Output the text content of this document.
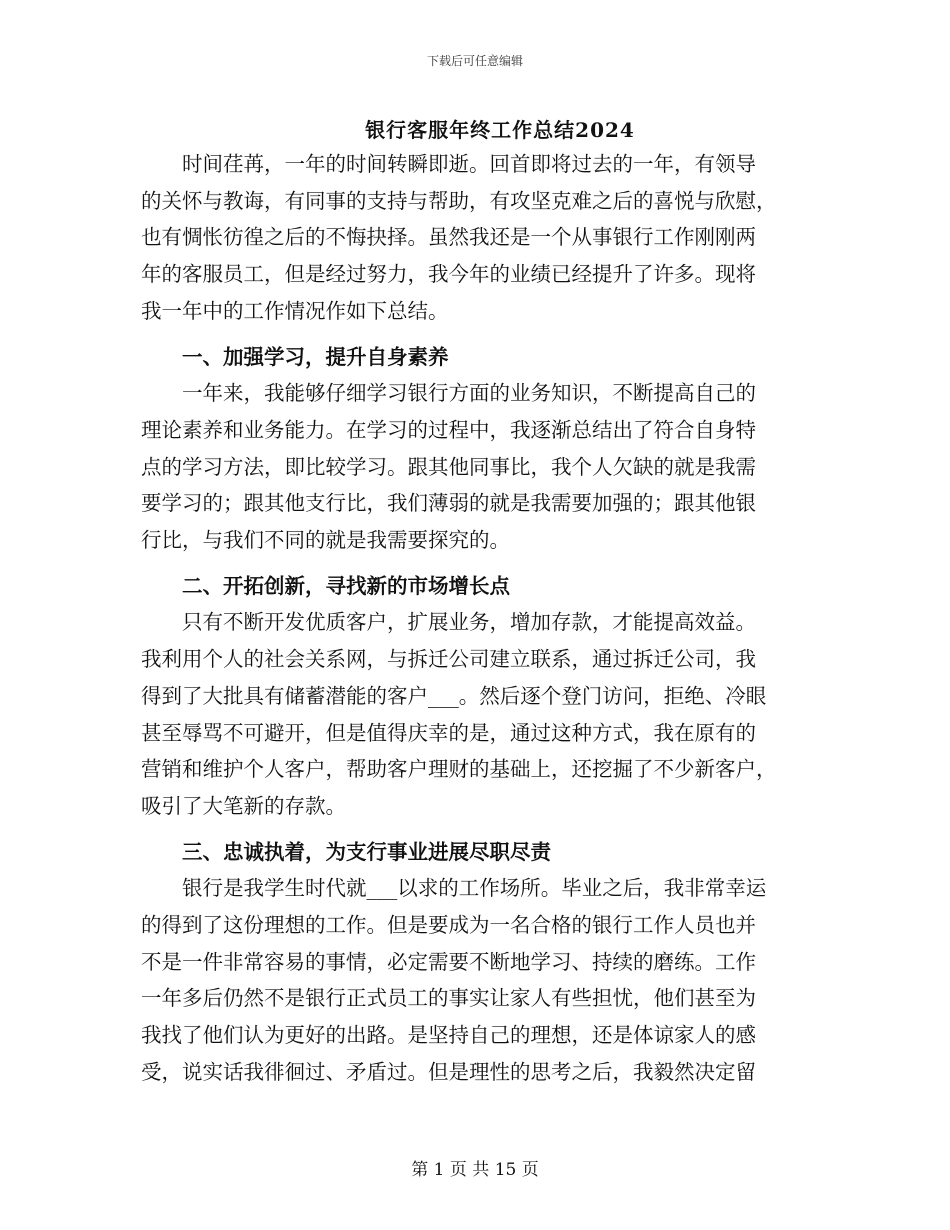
下载后可任意编辑
银行客服年终工作总结2024

时间荏苒，一年的时间转瞬即逝。回首即将过去的一年，有领导
的关怀与教诲，有同事的支持与帮助，有攻坚克难之后的喜悦与欣慰，
也有惆怅彷徨之后的不悔抉择。虽然我还是一个从事银行工作刚刚两
年的客服员工，但是经过努力，我今年的业绩已经提升了许多。现将
我一年中的工作情况作如下总结。

一、加强学习，提升自身素养

一年来，我能够仔细学习银行方面的业务知识，不断提高自己的
理论素养和业务能力。在学习的过程中，我逐渐总结出了符合自身特
点的学习方法，即比较学习。跟其他同事比，我个人欠缺的就是我需
要学习的；跟其他支行比，我们薄弱的就是我需要加强的；跟其他银
行比，与我们不同的就是我需要探究的。

二、开拓创新，寻找新的市场增长点

只有不断开发优质客户，扩展业务，增加存款，才能提高效益。
我利用个人的社会关系网，与拆迁公司建立联系，通过拆迁公司，我
得到了大批具有储蓄潜能的客户___。然后逐个登门访问，拒绝、冷眼
甚至辱骂不可避开，但是值得庆幸的是，通过这种方式，我在原有的
营销和维护个人客户，帮助客户理财的基础上，还挖掘了不少新客户，
吸引了大笔新的存款。

三、忠诚执着，为支行事业进展尽职尽责

银行是我学生时代就___以求的工作场所。毕业之后，我非常幸运
的得到了这份理想的工作。但是要成为一名合格的银行工作人员也并
不是一件非常容易的事情，必定需要不断地学习、持续的磨练。工作
一年多后仍然不是银行正式员工的事实让家人有些担忧，他们甚至为
我找了他们认为更好的出路。是坚持自己的理想，还是体谅家人的感
受，说实话我徘徊过、矛盾过。但是理性的思考之后，我毅然决定留

第 1 页 共 15 页
